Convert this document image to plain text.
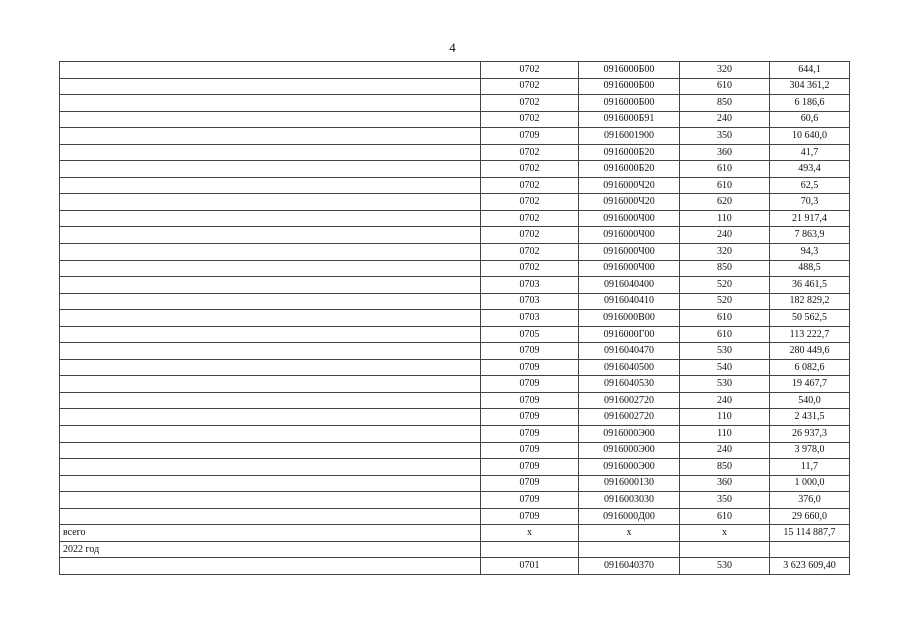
4
	0702	0916000Б00	320	644,1
	0702	0916000Б00	610	304 361,2
	0702	0916000Б00	850	6 186,6
	0702	0916000Б91	240	60,6
	0709	0916001900	350	10 640,0
	0702	0916000Б20	360	41,7
	0702	0916000Б20	610	493,4
	0702	0916000Ч20	610	62,5
	0702	0916000Ч20	620	70,3
	0702	0916000Ч00	110	21 917,4
	0702	0916000Ч00	240	7 863,9
	0702	0916000Ч00	320	94,3
	0702	0916000Ч00	850	488,5
	0703	0916040400	520	36 461,5
	0703	0916040410	520	182 829,2
	0703	0916000В00	610	50 562,5
	0705	0916000Г00	610	113 222,7
	0709	0916040470	530	280 449,6
	0709	0916040500	540	6 082,6
	0709	0916040530	530	19 467,7
	0709	0916002720	240	540,0
	0709	0916002720	110	2 431,5
	0709	0916000Э00	110	26 937,3
	0709	0916000Э00	240	3 978,0
	0709	0916000Э00	850	11,7
	0709	0916000130	360	1 000,0
	0709	0916003030	350	376,0
	0709	0916000Д00	610	29 660,0
всего	х	х	х	15 114 887,7
2022 год				
	0701	0916040370	530	3 623 609,40
